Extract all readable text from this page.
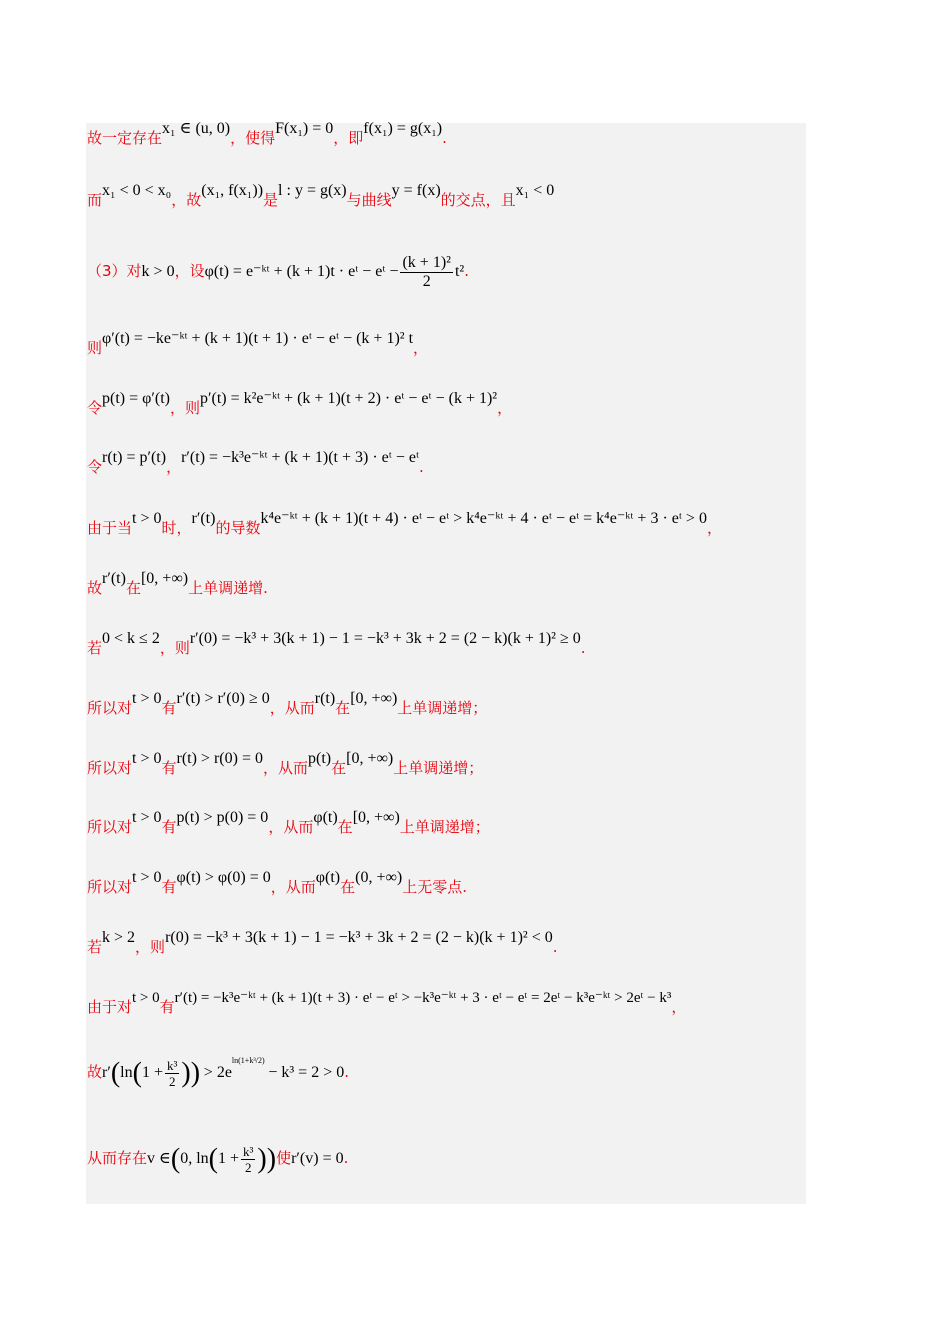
故一定存在x₁ ∈ (u, 0)，使得F(x₁) = 0，即f(x₁) = g(x₁).
而x₁ < 0 < x₀，故(x₁, f(x₁))是l : y = g(x)与曲线y = f(x)的交点，且x₁ < 0
（3）对k > 0，设φ(t) = e⁻ᵏᵗ + (k + 1)t · eᵗ − eᵗ − $\frac{\text{(k + 1)²}}{2} t^2$.
则φ′(t) = −ke⁻ᵏᵗ + (k + 1)(t + 1) · eᵗ − eᵗ − (k + 1)² t，
令p(t) = φ′(t)，则p′(t) = k²e⁻ᵏᵗ + (k + 1)(t + 2) · eᵗ − eᵗ − (k + 1)²，
令r(t) = p′(t)，r′(t) = −k³e⁻ᵏᵗ + (k + 1)(t + 3) · eᵗ − eᵗ.
由于当t > 0时，r′(t)的导数k⁴e⁻ᵏᵗ + (k + 1)(t + 4) · eᵗ − eᵗ > k⁴e⁻ᵏᵗ + 4 · eᵗ − eᵗ = k⁴e⁻ᵏᵗ + 3 · eᵗ > 0，
故r′(t)在[0, +∞)上单调递增.
若0 < k ≤ 2，则r′(0) = −k³ + 3(k + 1) − 1 = −k³ + 3k + 2 = (2 − k)(k + 1)² ≥ 0.
所以对t > 0有r′(t) > r′(0) ≥ 0，从而r(t)在[0, +∞)上单调递增；
所以对t > 0有r(t) > r(0) = 0，从而p(t)在[0, +∞)上单调递增；
所以对t > 0有p(t) > p(0) = 0，从而φ(t)在[0, +∞)上单调递增；
所以对t > 0有φ(t) > φ(0) = 0，从而φ(t)在(0, +∞)上无零点.
若k > 2，则r(0) = −k³ + 3(k + 1) − 1 = −k³ + 3k + 2 = (2 − k)(k + 1)² < 0.
由于对t > 0有r′(t) = −k³e⁻ᵏᵗ + (k + 1)(t + 3) · eᵗ − eᵗ > −k³e⁻ᵏᵗ + 3 · eᵗ − eᵗ = 2eᵗ − k³e⁻ᵏᵗ > 2eᵗ − k³，
故$r'(\ln(1 + \frac{\text{k³}}{2}$ )) > $2e^{ln(1+k^3/2)} - k^3 = 2 > 0$.
从而存在v ∈(0, $\ln(1 + \frac{\text{k³}}{2}$ ))使r′(v) = 0.
